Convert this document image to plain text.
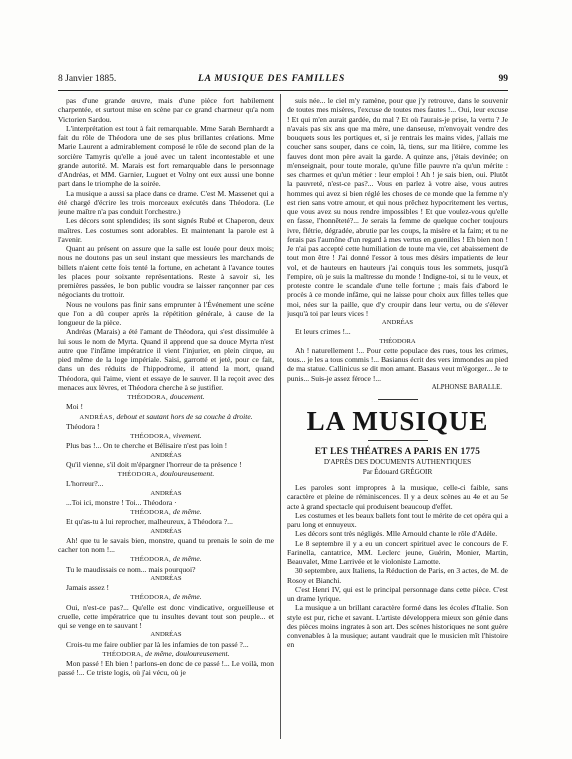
8 Janvier 1885.	LA MUSIQUE DES FAMILLES	99

pas d'une grande œuvre, mais d'une pièce fort habilement charpentée, et surtout mise en scène par ce grand charmeur qu'a nom Victorien Sardou.

L'interprétation est tout à fait remarquable. Mme Sarah Bernhardt a fait du rôle de Théodora une de ses plus brillantes créations. Mme Marie Laurent a admirablement composé le rôle de second plan de la sorcière Tamyris qu'elle a joué avec un talent incontestable et une grande autorité. M. Marais est fort remarquable dans le personnage d'Andréas, et MM. Garnier, Luguet et Volny ont eux aussi une bonne part dans le triomphe de la soirée.

La musique a aussi sa place dans ce drame. C'est M. Massenet qui a été chargé d'écrire les trois morceaux exécutés dans Théodora. (Le jeune maître n'a pas conduit l'orchestre.)

Les décors sont splendides; ils sont signés Rubé et Chaperon, deux maîtres. Les costumes sont adorables. Et maintenant la parole est à l'avenir.

Quant au présent on assure que la salle est louée pour deux mois; nous ne doutons pas un seul instant que messieurs les marchands de billets n'aient cette fois tenté la fortune, en achetant à l'avance toutes les places pour soixante représentations. Reste à savoir si, les premières passées, le bon public voudra se laisser rançonner par ces négociants du trottoir.

Nous ne voulons pas finir sans emprunter à l'Événement une scène que l'on a dû couper après la répétition générale, à cause de la longueur de la pièce.

Andréas (Marais) a été l'amant de Théodora, qui s'est dissimulée à lui sous le nom de Myrta. Quand il apprend que sa douce Myrta n'est autre que l'infâme impératrice il vient l'injurier, en plein cirque, au pied même de la loge impériale. Saisi, garrotté et jeté, pour ce fait, dans un des réduits de l'hippodrome, il attend la mort, quand Théodora, qui l'aime, vient et essaye de le sauver. Il la reçoit avec des menaces aux lèvres, et Théodora cherche à se justifier.

THÉODORA, doucement.

Moi !

ANDRÉAS, debout et sautant hors de sa couche à droite.

Théodora !

THÉODORA, vivement.

Plus bas !... On te cherche et Bélisaire n'est pas loin !

ANDRÉAS

Qu'il vienne, s'il doit m'épargner l'horreur de ta présence !

THÉODORA, douloureusement.

L'horreur?...

ANDRÉAS

...Toi ici, monstre ! Toi... Théodora ·

THÉODORA, de même.

Et qu'as-tu à lui reprocher, malheureux, à Théodora ?...

ANDRÉAS

Ah! que tu le savais bien, monstre, quand tu prenais le soin de me cacher ton nom !...

THÉODORA, de même.

Tu le maudissais ce nom... mais pourquoi?

ANDRÉAS

Jamais assez !

THÉODORA, de même.

Oui, n'est-ce pas?... Qu'elle est donc vindicative, orgueilleuse et cruelle, cette impératrice que tu insultes devant tout son peuple... et qui se venge en te sauvant !

ANDRÉAS

Crois-tu me faire oublier par là les infamies de ton passé ?...

THÉODORA, de même, douloureusement.

Mon passé ! Eh bien ! parlons-en donc de ce passé !... Le voilà, mon passé !... Ce triste logis, où j'ai vécu, où je

suis née... le ciel m'y ramène, pour que j'y retrouve, dans le souvenir de toutes mes misères, l'excuse de toutes mes fautes !... Oui, leur excuse ! Et qui m'en aurait gardée, du mal ? Et où l'aurais-je prise, la vertu ? Je n'avais pas six ans que ma mère, une danseuse, m'envoyait vendre des bouquets sous les portiques et, si je rentrais les mains vides, j'allais me coucher sans souper, dans ce coin, là, tiens, sur ma litière, comme les fauves dont mon père avait la garde. A quinze ans, j'étais devinée; on m'enseignait, pour toute morale, qu'une fille pauvre n'a qu'un mérite : ses charmes et qu'un métier : leur emploi ! Ah ! je sais bien, oui. Plutôt la pauvreté, n'est-ce pas?... Vous en parlez à votre aise, vous autres hommes qui avez si bien réglé les choses de ce monde que la femme n'y est rien sans votre amour, et qui nous prêchez hypocritement les vertus, que vous avez su nous rendre impossibles ! Et que voulez-vous qu'elle en fasse, l'honnêteté?... Je serais la femme de quelque cocher toujours ivre, flétrie, dégradée, abrutie par les coups, la misère et la faim; et tu ne ferais pas l'aumône d'un regard à mes vertus en guenilles ! Eh bien non ! Je n'ai pas accepté cette humiliation de toute ma vie, cet abaissement de tout mon être ! J'ai donné l'essor à tous mes désirs impatients de leur vol, et de hauteurs en hauteurs j'ai conquis tous les sommets, jusqu'à l'empire, où je suis la maîtresse du monde ! Indigne-toi, si tu le veux, et proteste contre le scandale d'une telle fortune ; mais fais d'abord le procès à ce monde infâme, qui ne laisse pour choix aux filles telles que moi, nées sur la paille, que d'y croupir dans leur vertu, ou de s'élever jusqu'à toi par leurs vices !

ANDRÉAS

Et leurs crimes !...

THÉODORA

Ah ! naturellement !... Pour cette populace des rues, tous les crimes, tous... je les a tous commis !... Basianus écrit des vers immondes au pied de ma statue. Callinicus se dit mon amant. Basaus veut m'égorger... Je te punis... Suis-je assez féroce !...

ALPHONSE BARALLE.

LA MUSIQUE

ET LES THÉATRES A PARIS EN 1775

D'APRÈS DES DOCUMENTS AUTHENTIQUES

Par Édouard GRÉGOIR

Les paroles sont impropres à la musique, celle-ci faible, sans caractère et pleine de réminiscences. Il y a deux scènes au 4e et au 5e acte à grand spectacle qui produisent beaucoup d'effet.

Les costumes et les beaux ballets font tout le mérite de cet opéra qui a paru long et ennuyeux.

Les décors sont très négligés. Mlle Arnould chante le rôle d'Adèle.

Le 8 septembre il y a eu un concert spirituel avec le concours de F. Farinella, cantatrice, MM. Leclerc jeune, Guérin, Monier, Martin, Beauvalet, Mme Larrivée et le violoniste Lamotte.

30 septembre, aux Italiens, la Réduction de Paris, en 3 actes, de M. de Rosoy et Bianchi.

C'est Henri IV, qui est le principal personnage dans cette pièce. C'est un drame lyrique.

La musique a un brillant caractère formé dans les écoles d'Italie. Son style est pur, riche et savant. L'artiste développera mieux son génie dans des pièces moins ingrates à son art. Des scènes historiques ne sont guère convenables à la musique; autant vaudrait que le musicien mît l'histoire en
